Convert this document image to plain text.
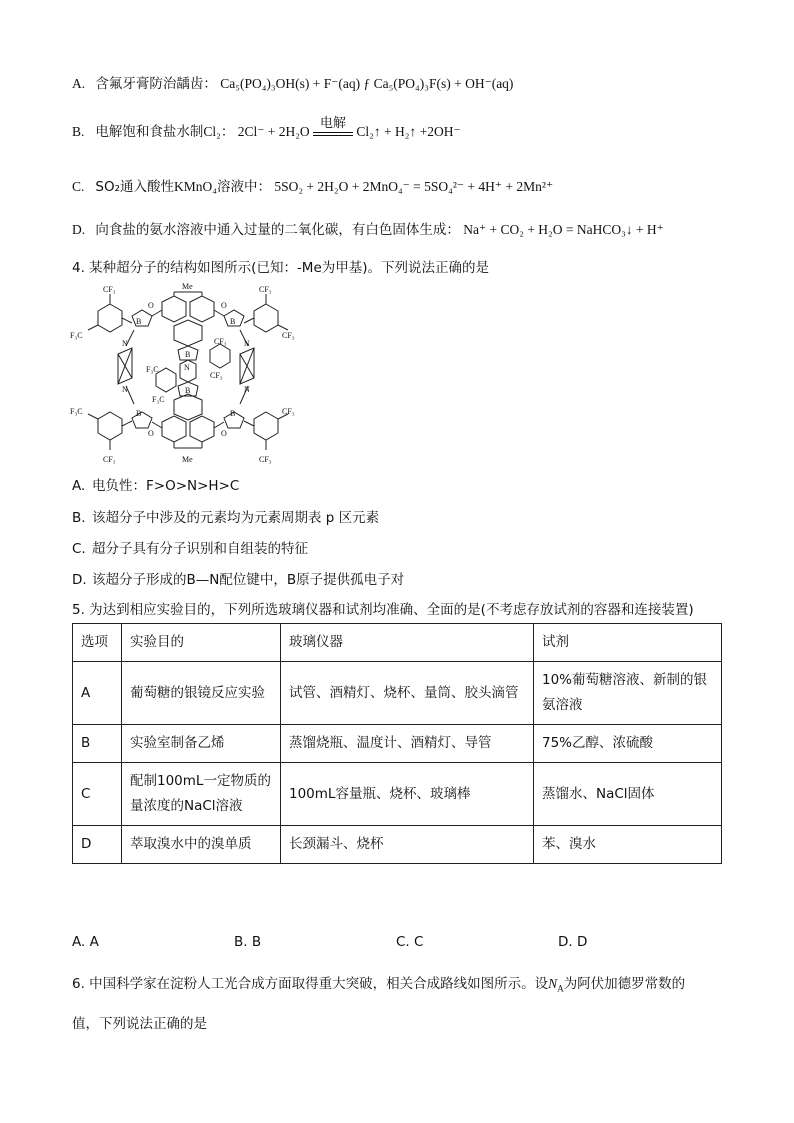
A. 含氟牙膏防治龋齿： Ca₅(PO₄)₃OH(s) + F⁻(aq) ƒ Ca₅(PO₄)₃F(s) + OH⁻(aq)
B. 电解饱和食盐水制Cl₂： 2Cl⁻ + 2H₂O
电解
Cl₂↑ + H₂↑ +2OH⁻
C. SO₂通入酸性KMnO₄溶液中： 5SO₂ + 2H₂O + 2MnO₄⁻ = 5SO₄²⁻ + 4H⁺ + 2Mn²⁺
D. 向食盐的氨水溶液中通入过量的二氧化碳，有白色固体生成： Na⁺ + CO₂ + H₂O = NaHCO₃↓ + H⁺
4. 某种超分子的结构如图所示(已知：-Me为甲基)。下列说法正确的是
CF₃
F₃C
CF₃
CF₃
F₃C	CF₃
CF₃	CF₃
CF₃
CF₃
F₃C
F₃C
Me
Me
B	B
B	B
B
B
O	O
O	O
N
N
N
N
N
A. 电负性：F>O>N>H>C
B. 该超分子中涉及的元素均为元素周期表 p 区元素
C. 超分子具有分子识别和自组装的特征
D. 该超分子形成的B—N配位键中，B原子提供孤电子对
5. 为达到相应实验目的，下列所选玻璃仪器和试剂均准确、全面的是(不考虑存放试剂的容器和连接装置)
选项	实验目的	玻璃仪器	试剂
A	葡萄糖的银镜反应实验	试管、酒精灯、烧杯、量筒、胶头滴管	10%葡萄糖溶液、新制的银氨溶液
B	实验室制备乙烯	蒸馏烧瓶、温度计、酒精灯、导管	75%乙醇、浓硫酸
C	配制100mL一定物质的量浓度的NaCl溶液	100mL容量瓶、烧杯、玻璃棒	蒸馏水、NaCl固体
D	萃取溴水中的溴单质	长颈漏斗、烧杯	苯、溴水
A. A	B. B	C. C	D. D
6. 中国科学家在淀粉人工光合成方面取得重大突破，相关合成路线如图所示。设$N_A$为阿伏加德罗常数的
值，下列说法正确的是
